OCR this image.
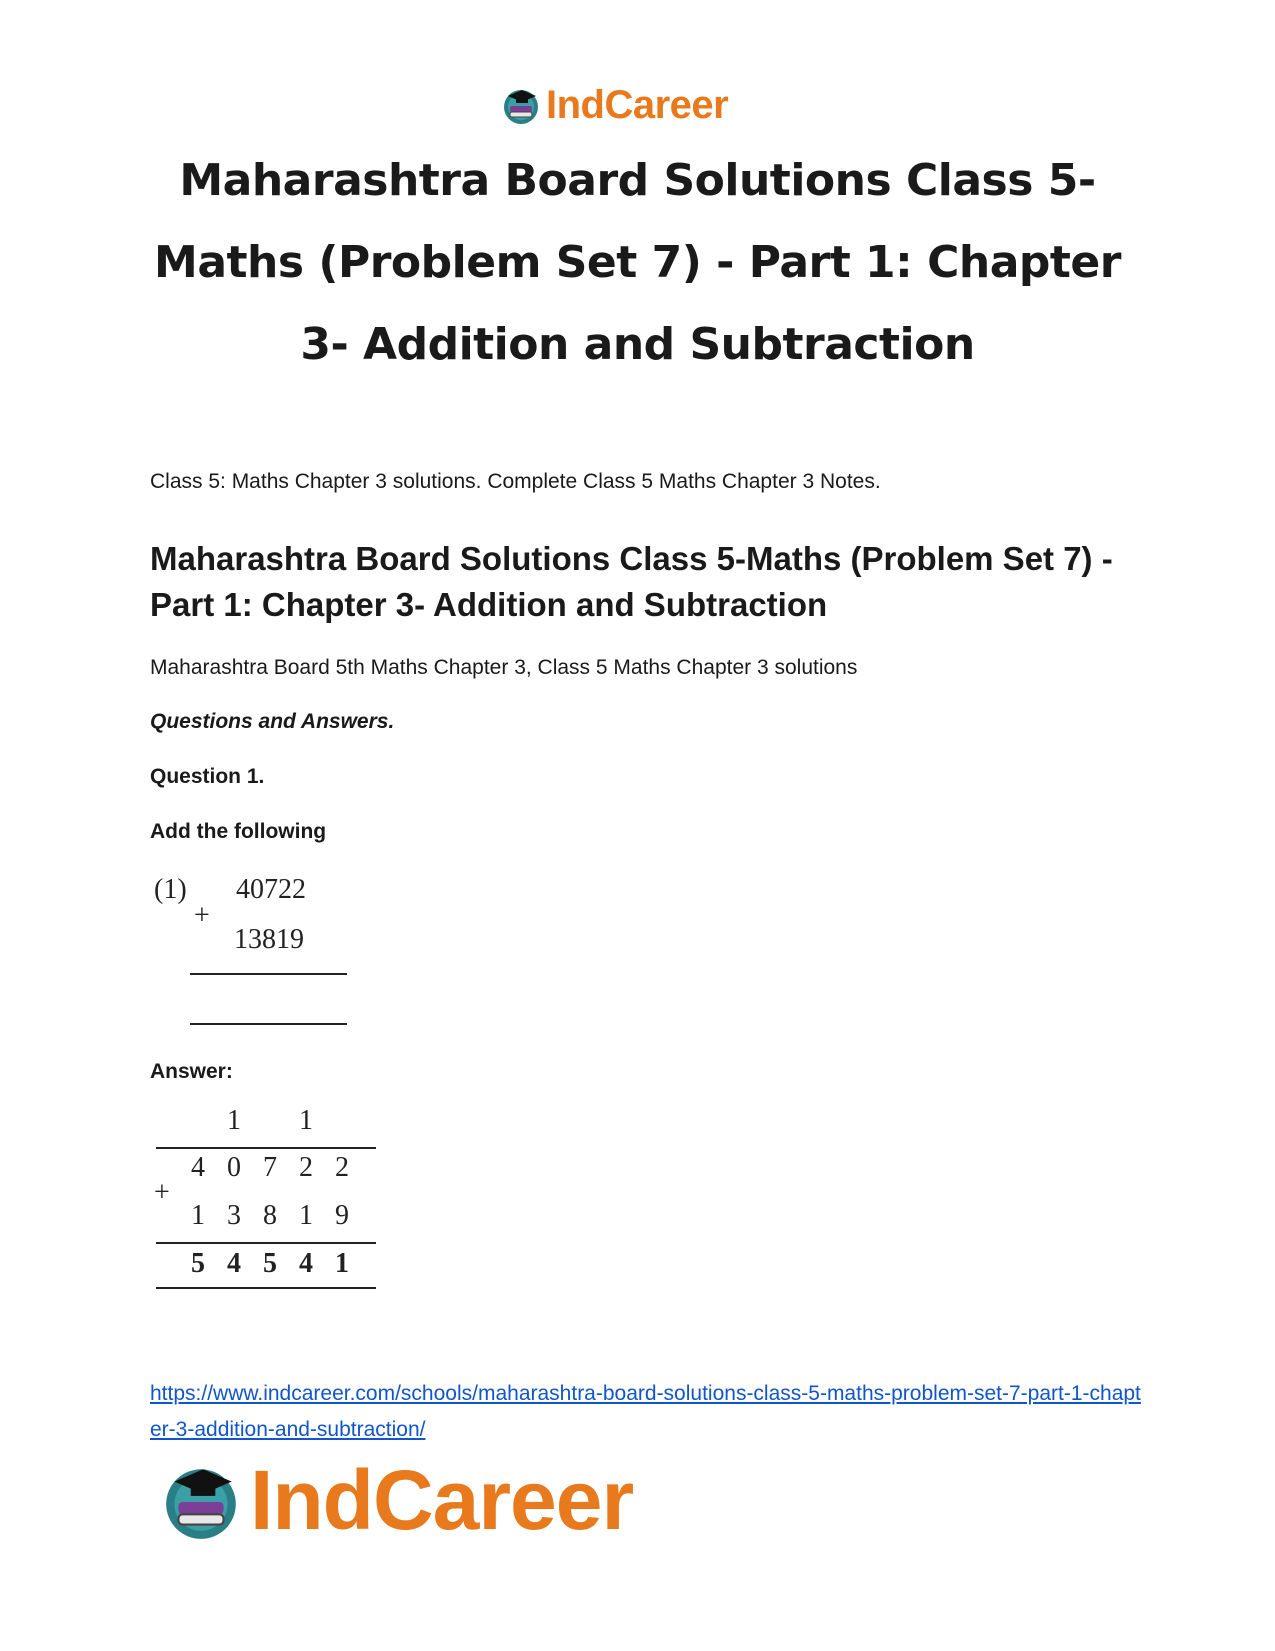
IndCareer
Maharashtra Board Solutions Class 5-Maths (Problem Set 7) - Part 1: Chapter 3- Addition and Subtraction
Class 5: Maths Chapter 3 solutions. Complete Class 5 Maths Chapter 3 Notes.
Maharashtra Board Solutions Class 5-Maths (Problem Set 7) - Part 1: Chapter 3- Addition and Subtraction
Maharashtra Board 5th Maths Chapter 3, Class 5 Maths Chapter 3 solutions
Questions and Answers.
Question 1.
Add the following
(1)
+
40722
13819
Answer:
1	1
4 0 7 2 2
+
1 3 8 1 9
5 4 5 4 1
https://www.indcareer.com/schools/maharashtra-board-solutions-class-5-maths-problem-set-7-part-1-chapter-3-addition-and-subtraction/
IndCareer
